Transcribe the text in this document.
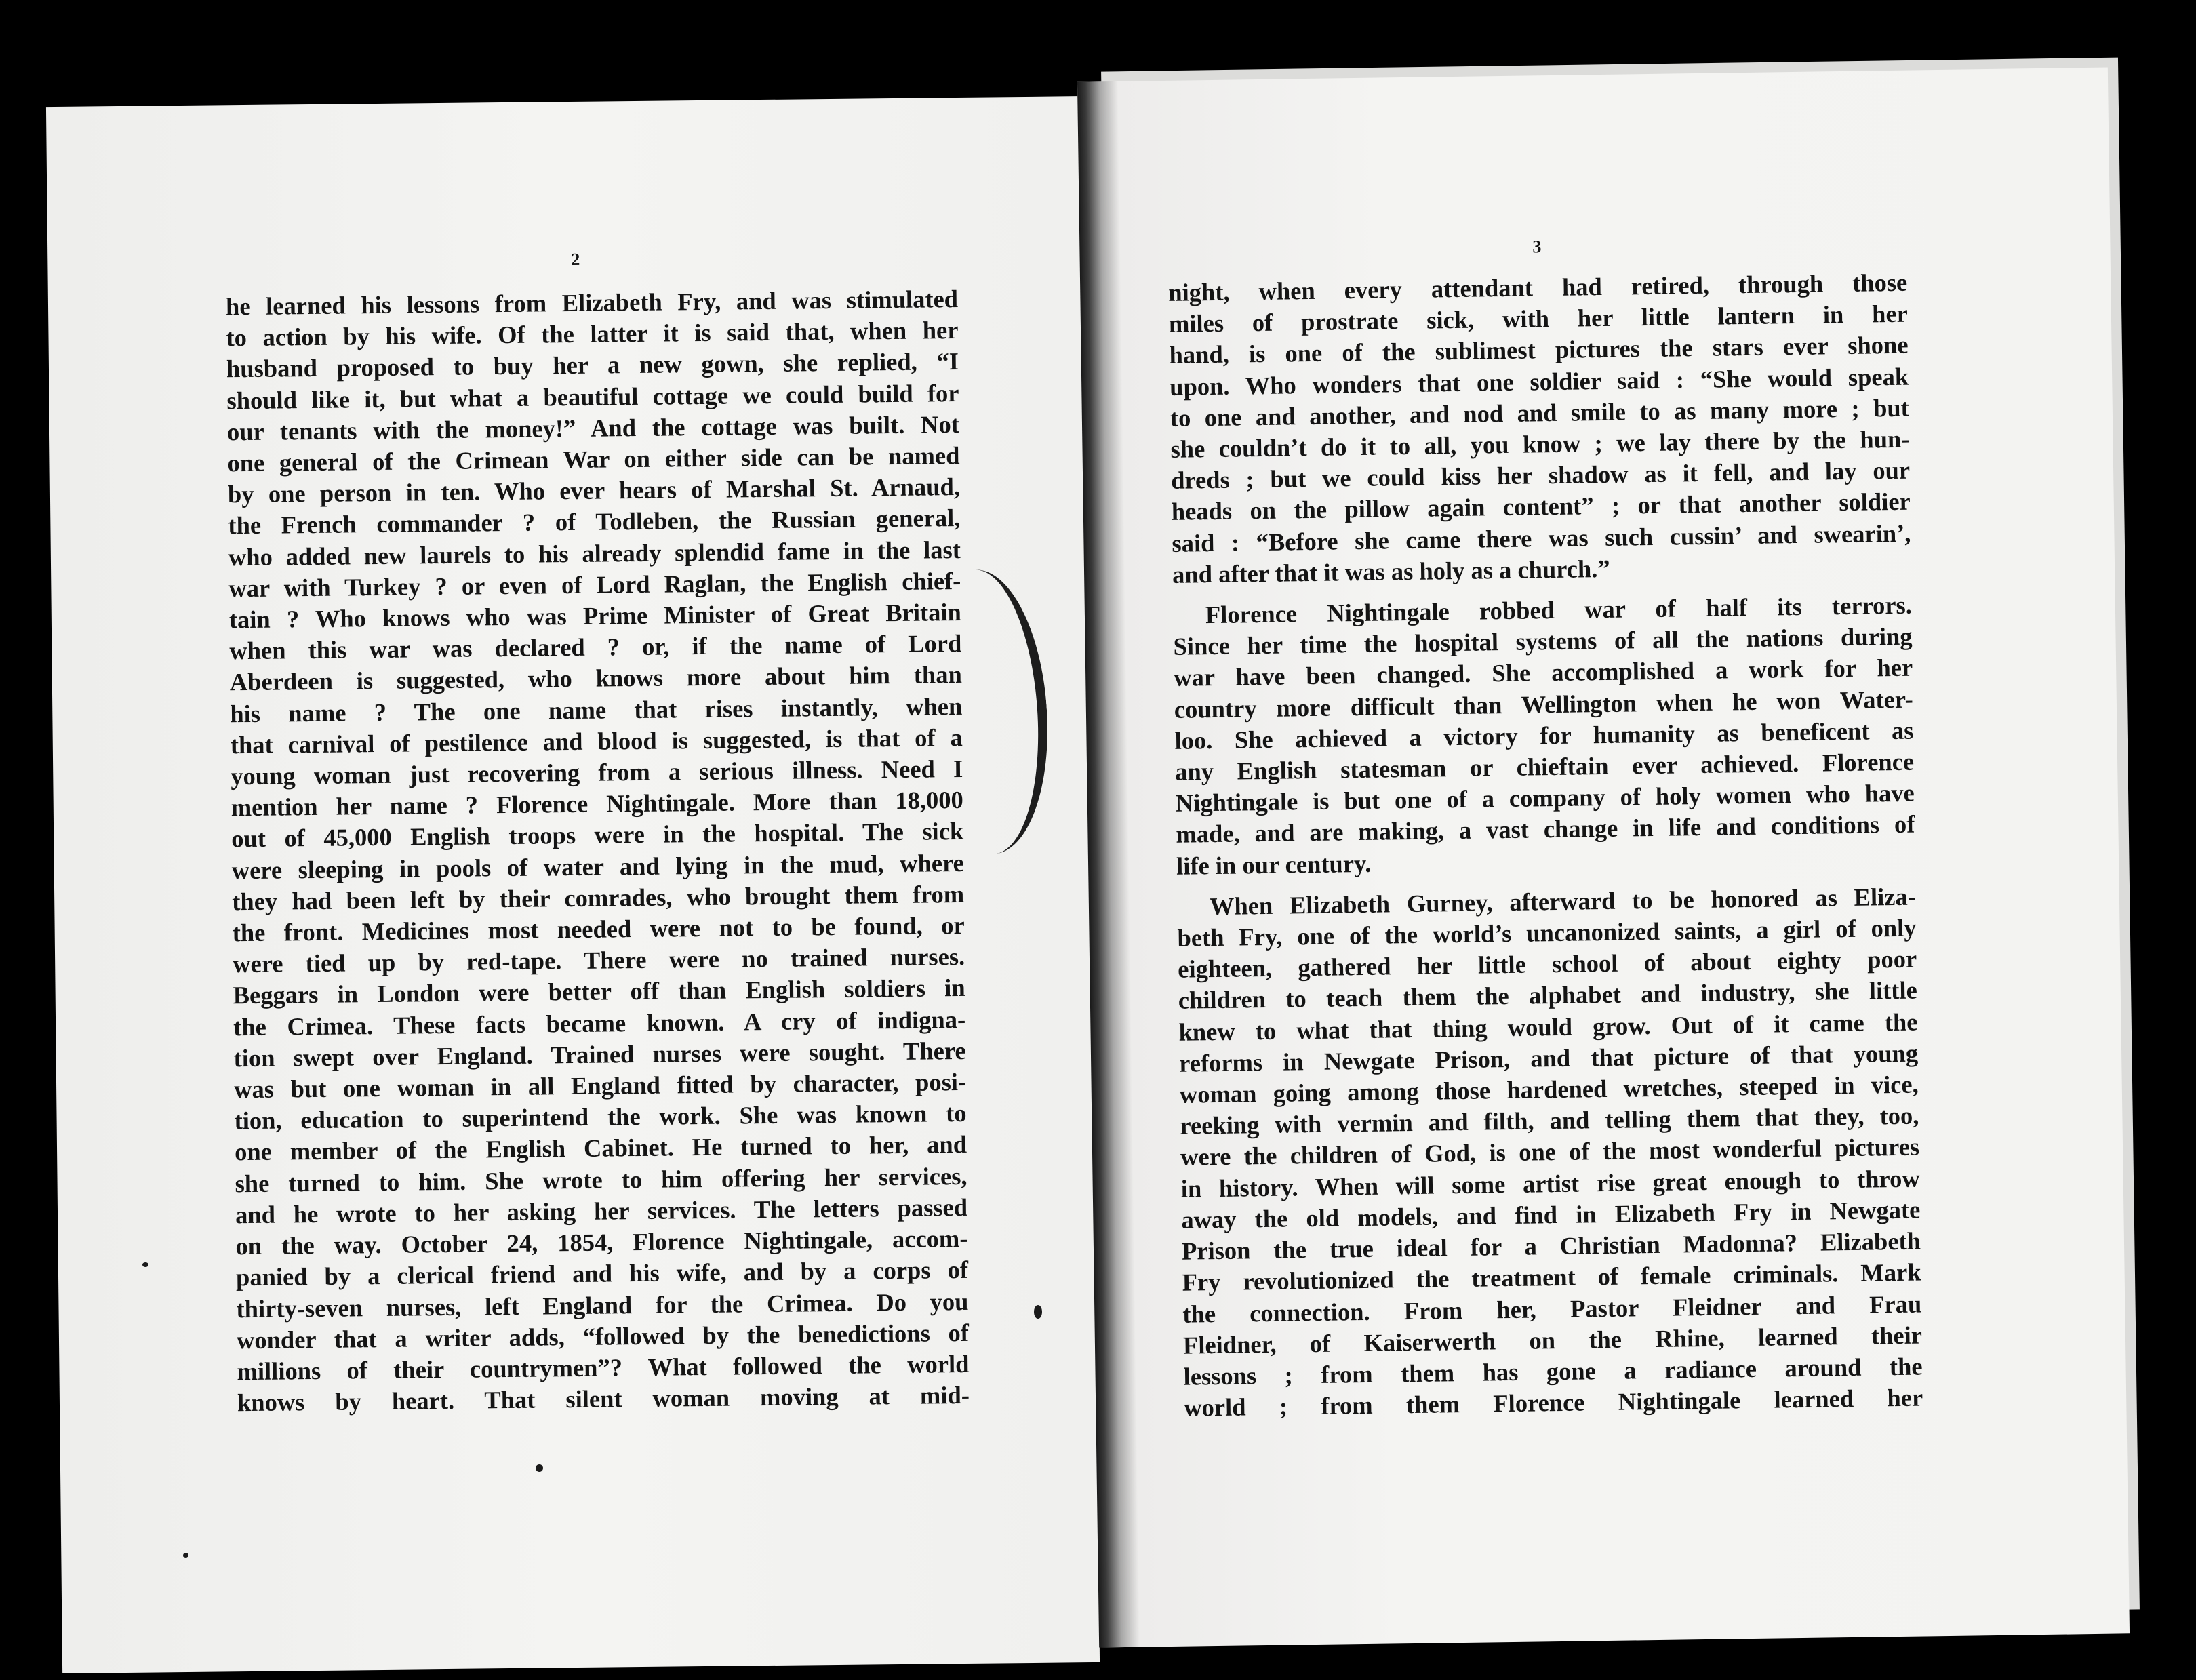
2
he learned his lessons from Elizabeth Fry, and was stimulated
to action by his wife. Of the latter it is said that, when her
husband proposed to buy her a new gown, she replied, “I
should like it, but what a beautiful cottage we could build for
our tenants with the money!” And the cottage was built. Not
one general of the Crimean War on either side can be named
by one person in ten. Who ever hears of Marshal St. Arnaud,
the French commander ? of Todleben, the Russian general,
who added new laurels to his already splendid fame in the last
war with Turkey ? or even of Lord Raglan, the English chief-
tain ? Who knows who was Prime Minister of Great Britain
when this war was declared ? or, if the name of Lord
Aberdeen is suggested, who knows more about him than
his name ? The one name that rises instantly, when
that carnival of pestilence and blood is suggested, is that of a
young woman just recovering from a serious illness. Need I
mention her name ? Florence Nightingale. More than 18,000
out of 45,000 English troops were in the hospital. The sick
were sleeping in pools of water and lying in the mud, where
they had been left by their comrades, who brought them from
the front. Medicines most needed were not to be found, or
were tied up by red-tape. There were no trained nurses.
Beggars in London were better off than English soldiers in
the Crimea. These facts became known. A cry of indigna-
tion swept over England. Trained nurses were sought. There
was but one woman in all England fitted by character, posi-
tion, education to superintend the work. She was known to
one member of the English Cabinet. He turned to her, and
she turned to him. She wrote to him offering her services,
and he wrote to her asking her services. The letters passed
on the way. October 24, 1854, Florence Nightingale, accom-
panied by a clerical friend and his wife, and by a corps of
thirty-seven nurses, left England for the Crimea. Do you
wonder that a writer adds, “followed by the benedictions of
millions of their countrymen”? What followed the world
knows by heart. That silent woman moving at mid-
3
night, when every attendant had retired, through those
miles of prostrate sick, with her little lantern in her
hand, is one of the sublimest pictures the stars ever shone
upon. Who wonders that one soldier said : “She would speak
to one and another, and nod and smile to as many more ; but
she couldn’t do it to all, you know ; we lay there by the hun-
dreds ; but we could kiss her shadow as it fell, and lay our
heads on the pillow again content” ; or that another soldier
said : “Before she came there was such cussin’ and swearin’,
and after that it was as holy as a church.”
Florence Nightingale robbed war of half its terrors.
Since her time the hospital systems of all the nations during
war have been changed. She accomplished a work for her
country more difficult than Wellington when he won Water-
loo. She achieved a victory for humanity as beneficent as
any English statesman or chieftain ever achieved. Florence
Nightingale is but one of a company of holy women who have
made, and are making, a vast change in life and conditions of
life in our century.
When Elizabeth Gurney, afterward to be honored as Eliza-
beth Fry, one of the world’s uncanonized saints, a girl of only
eighteen, gathered her little school of about eighty poor
children to teach them the alphabet and industry, she little
knew to what that thing would grow. Out of it came the
reforms in Newgate Prison, and that picture of that young
woman going among those hardened wretches, steeped in vice,
reeking with vermin and filth, and telling them that they, too,
were the children of God, is one of the most wonderful pictures
in history. When will some artist rise great enough to throw
away the old models, and find in Elizabeth Fry in Newgate
Prison the true ideal for a Christian Madonna? Elizabeth
Fry revolutionized the treatment of female criminals. Mark
the connection. From her, Pastor Fleidner and Frau
Fleidner, of Kaiserwerth on the Rhine, learned their
lessons ; from them has gone a radiance around the
world ; from them Florence Nightingale learned her
